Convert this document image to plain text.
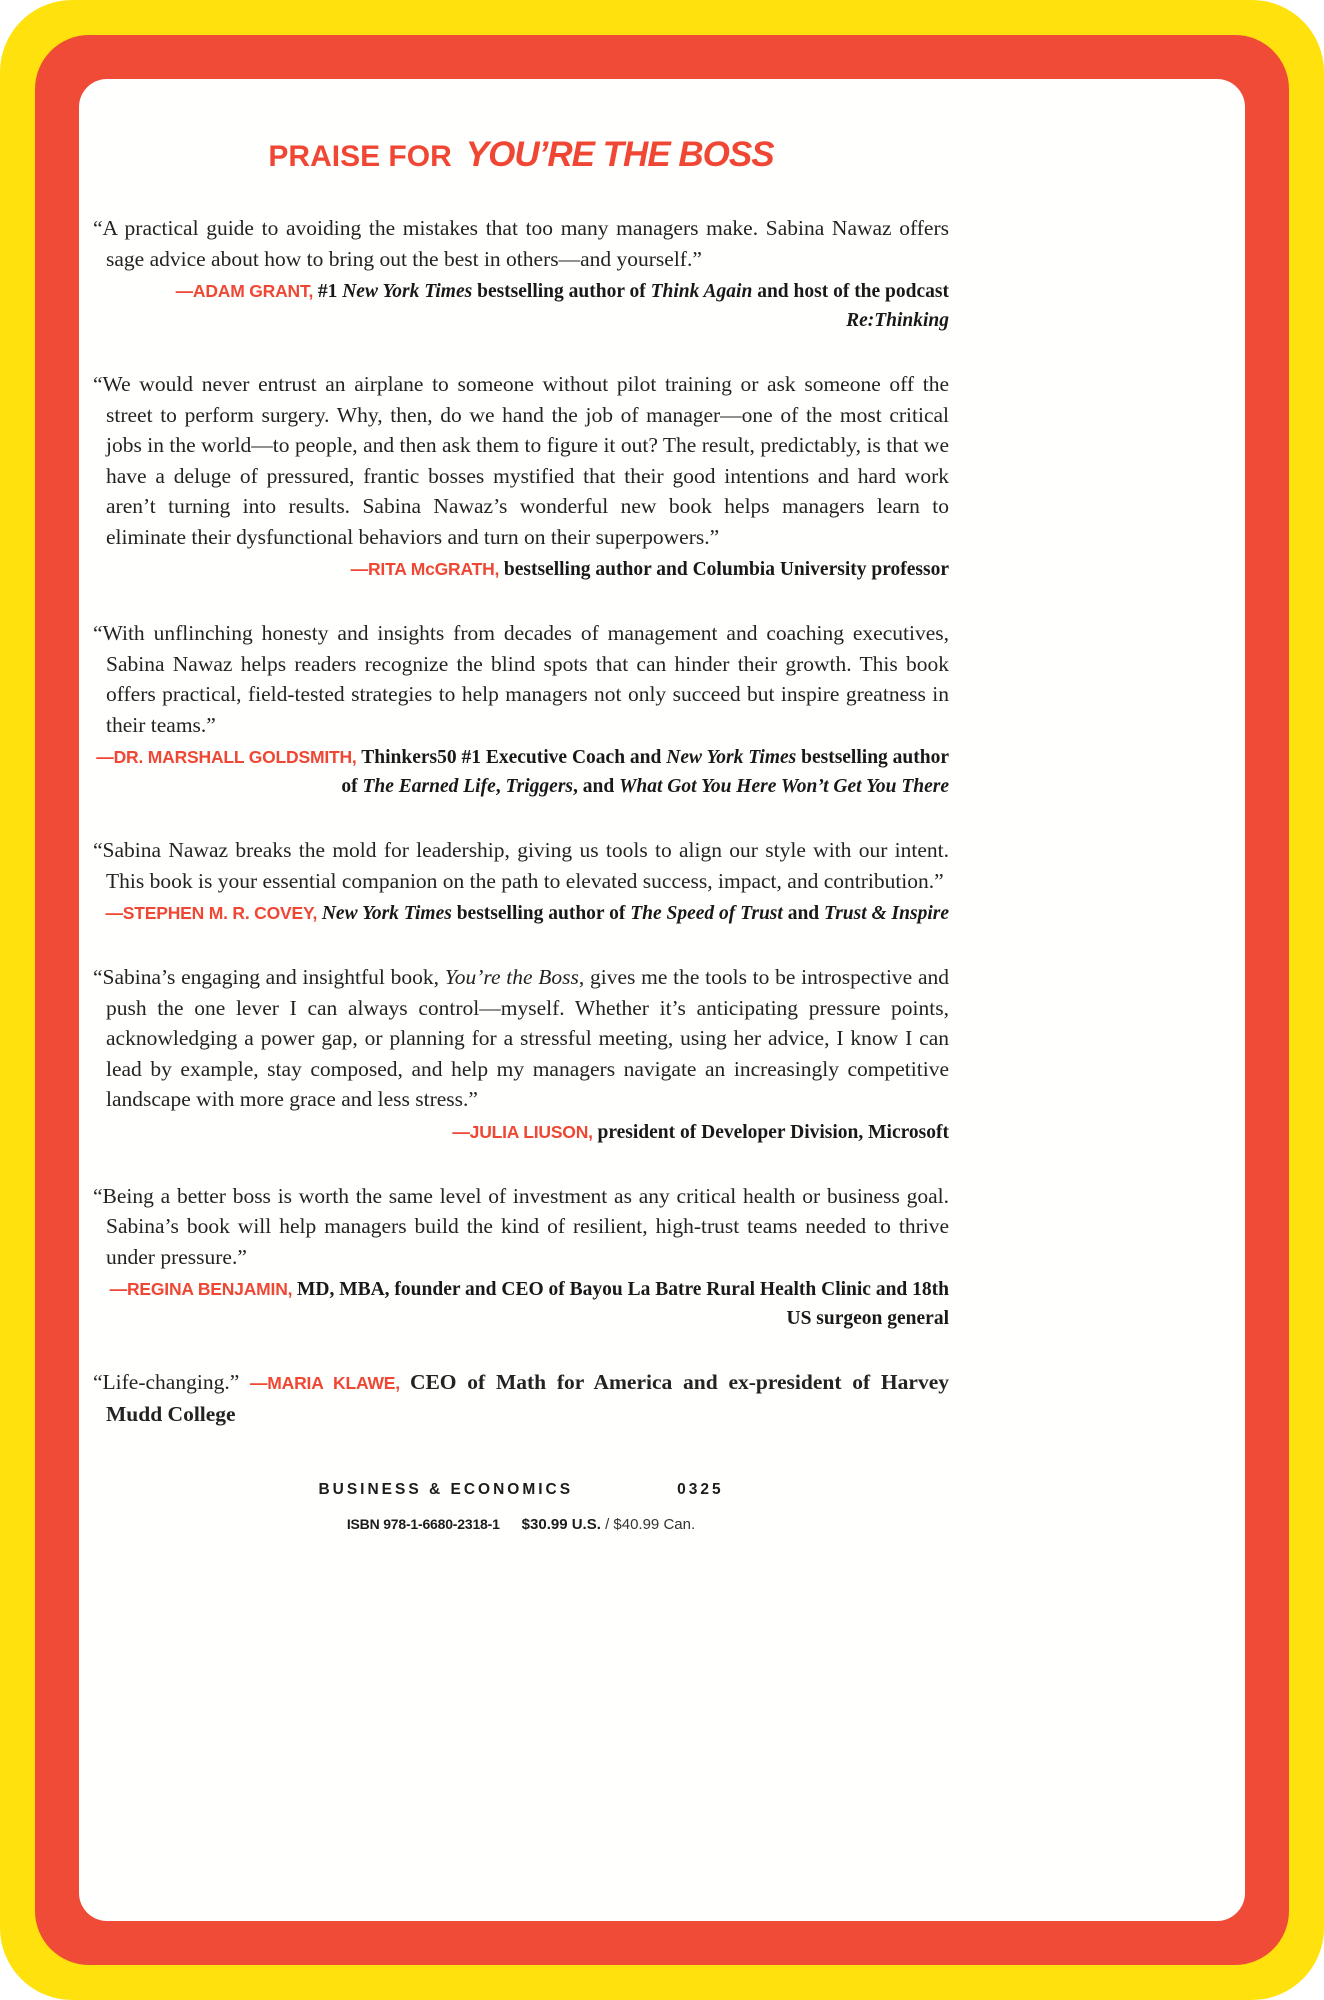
PRAISE FOR YOU’RE THE BOSS
“A practical guide to avoiding the mistakes that too many managers make. Sabina Nawaz offers sage advice about how to bring out the best in others—and yourself.”
—ADAM GRANT, #1 New York Times bestselling author of Think Again and host of the podcast Re:Thinking
“We would never entrust an airplane to someone without pilot training or ask someone off the street to perform surgery. Why, then, do we hand the job of manager—one of the most critical jobs in the world—to people, and then ask them to figure it out? The result, predictably, is that we have a deluge of pressured, frantic bosses mystified that their good intentions and hard work aren’t turning into results. Sabina Nawaz’s wonderful new book helps managers learn to eliminate their dysfunctional behaviors and turn on their superpowers.”
—RITA McGRATH, bestselling author and Columbia University professor
“With unflinching honesty and insights from decades of management and coaching executives, Sabina Nawaz helps readers recognize the blind spots that can hinder their growth. This book offers practical, field-tested strategies to help managers not only succeed but inspire greatness in their teams.”
—DR. MARSHALL GOLDSMITH, Thinkers50 #1 Executive Coach and New York Times bestselling author of The Earned Life, Triggers, and What Got You Here Won’t Get You There
“Sabina Nawaz breaks the mold for leadership, giving us tools to align our style with our intent. This book is your essential companion on the path to elevated success, impact, and contribution.”
—STEPHEN M. R. COVEY, New York Times bestselling author of The Speed of Trust and Trust & Inspire
“Sabina’s engaging and insightful book, You’re the Boss, gives me the tools to be introspective and push the one lever I can always control—myself. Whether it’s anticipating pressure points, acknowledging a power gap, or planning for a stressful meeting, using her advice, I know I can lead by example, stay composed, and help my managers navigate an increasingly competitive landscape with more grace and less stress.”
—JULIA LIUSON, president of Developer Division, Microsoft
“Being a better boss is worth the same level of investment as any critical health or business goal. Sabina’s book will help managers build the kind of resilient, high-trust teams needed to thrive under pressure.”
—REGINA BENJAMIN, MD, MBA, founder and CEO of Bayou La Batre Rural Health Clinic and 18th US surgeon general
“Life-changing.” —MARIA KLAWE, CEO of Math for America and ex-president of Harvey Mudd College
BUSINESS & ECONOMICS	0325
ISBN 978-1-6680-2318-1 $30.99 U.S. / $40.99 Can.
